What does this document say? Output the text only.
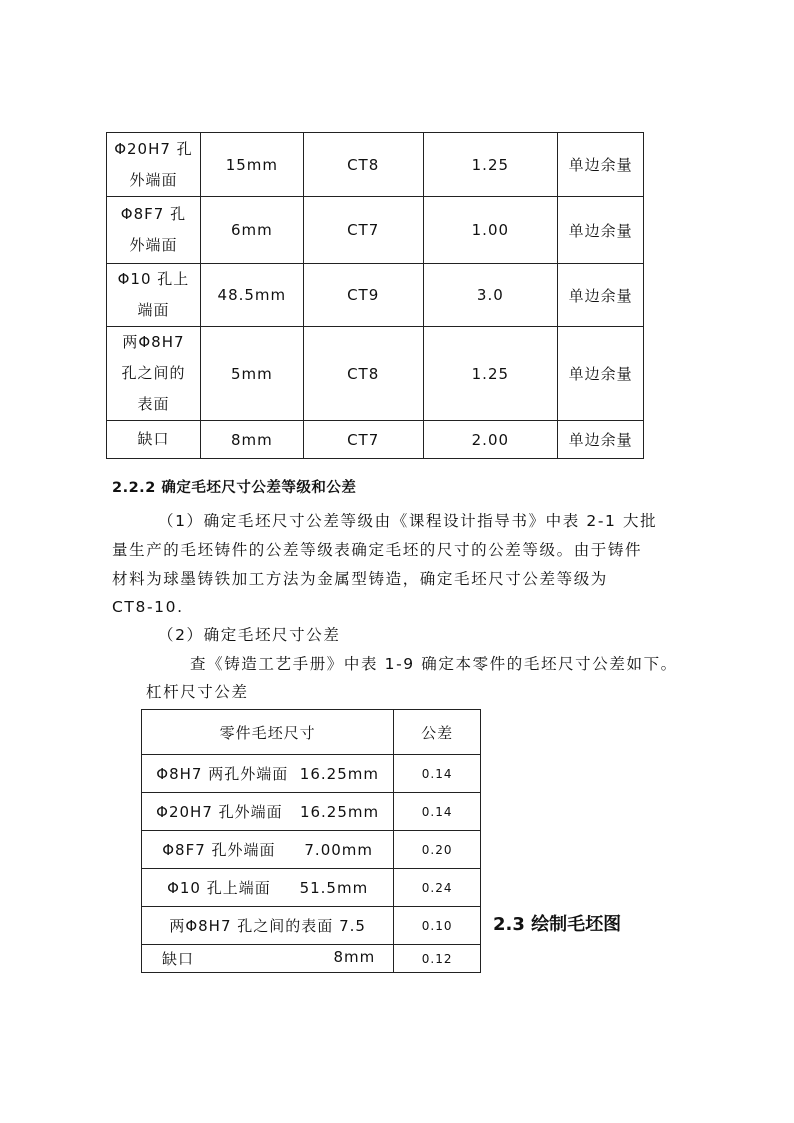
Φ20H7 孔
外端面	15mm	CT8	1.25	单边余量
Φ8F7 孔
外端面	6mm	CT7	1.00	单边余量
Φ10 孔上
端面	48.5mm	CT9	3.0	单边余量
两Φ8H7
孔之间的
表面	5mm	CT8	1.25	单边余量
缺口	8mm	CT7	2.00	单边余量
2.2.2 确定毛坯尺寸公差等级和公差
（1）确定毛坯尺寸公差等级由《课程设计指导书》中表 2-1 大批
量生产的毛坯铸件的公差等级表确定毛坯的尺寸的公差等级。由于铸件
材料为球墨铸铁加工方法为金属型铸造，确定毛坯尺寸公差等级为
CT8-10.
（2）确定毛坯尺寸公差
查《铸造工艺手册》中表 1-9 确定本零件的毛坯尺寸公差如下。
杠杆尺寸公差
零件毛坯尺寸	公差
Φ8H7 两孔外端面 16.25mm	0.14
Φ20H7 孔外端面 16.25mm	0.14
Φ8F7 孔外端面 7.00mm	0.20
Φ10 孔上端面 51.5mm	0.24
两Φ8H7 孔之间的表面 7.5	0.10

缺口 8mm	0.12
2.3 绘制毛坯图
